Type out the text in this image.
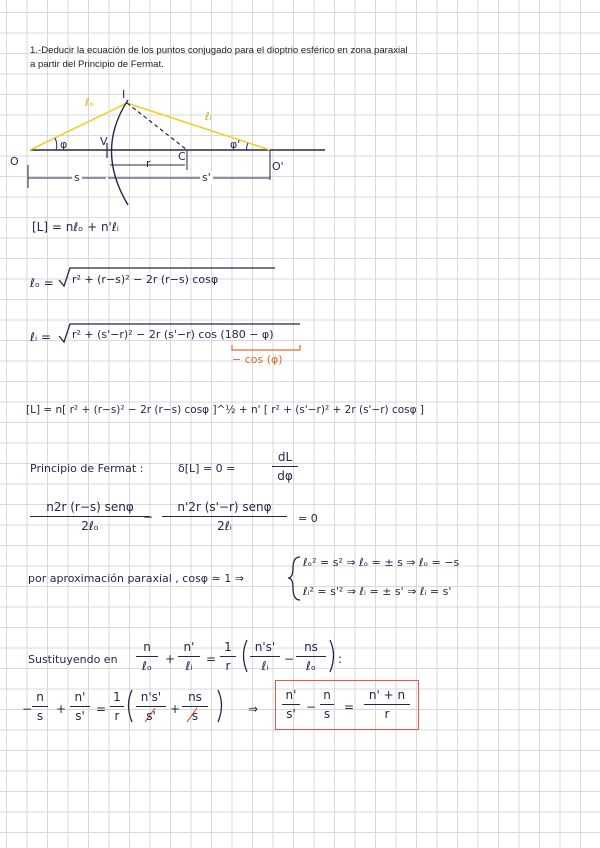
1.-Deducir la ecuación de los puntos conjugado para el dioptrio esférico en zona paraxial
a partir del Principio de Fermat.
I
ℓₒ
ℓᵢ
O	O'
V
C
φ	φ'
r
s	s'
[L] = nℓₒ + n'ℓᵢ
ℓₒ = r² + (r−s)² − 2r (r−s) cosφ
ℓᵢ = r² + (s'−r)² − 2r (s'−r) cos (180 − φ)
− cos (φ)
[L] = n[ r² + (r−s)² − 2r (r−s) cosφ ]^½ + n' [ r² + (s'−r)² + 2r (s'−r) cosφ ]
Principio de Fermat :	δ[L] = 0 =
dL
dφ
n2r (r−s) senφ
2ℓₒ
−
n'2r (s'−r) senφ
2ℓᵢ
= 0
por aproximación paraxial , cosφ ≃ 1 ⇒
ℓₒ² = s² ⇒ ℓₒ = ± s ⇒ ℓₒ = −s
ℓᵢ² = s'² ⇒ ℓᵢ = ± s' ⇒ ℓᵢ = s'
Sustituyendo en
n
ℓₒ	+
n'
ℓᵢ	=
1
r
n's'
ℓᵢ	−
ns
ℓₒ	:
−
n
s	+
n'
s' =
1
r
n's'
s'	+
ns
s	⇒
n'
s' −
n
s	=
n' + n
r
